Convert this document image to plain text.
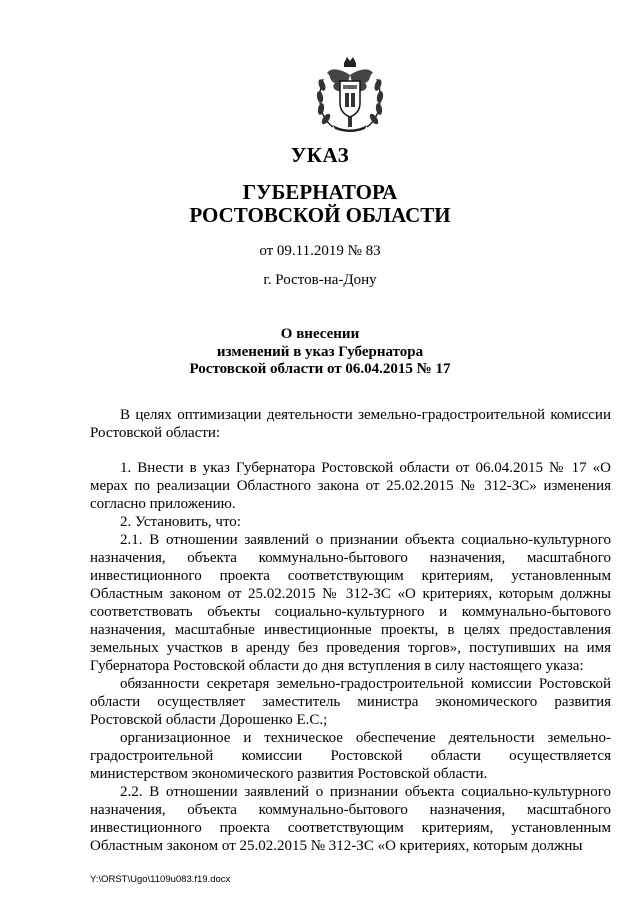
УКАЗ
ГУБЕРНАТОРА
РОСТОВСКОЙ ОБЛАСТИ
от 09.11.2019 № 83
г. Ростов-на-Дону
О внесении
изменений в указ Губернатора
Ростовской области от 06.04.2015 № 17

В целях оптимизации деятельности земельно-градостроительной комиссии Ростовской области:

1. Внести в указ Губернатора Ростовской области от 06.04.2015 № 17 «О мерах по реализации Областного закона от 25.02.2015 № 312-ЗС» изменения согласно приложению.

2. Установить, что:

2.1. В отношении заявлений о признании объекта социально-культурного назначения, объекта коммунально-бытового назначения, масштабного инвестиционного проекта соответствующим критериям, установленным Областным законом от 25.02.2015 № 312-ЗС «О критериях, которым должны соответствовать объекты социально-культурного и коммунально-бытового назначения, масштабные инвестиционные проекты, в целях предоставления земельных участков в аренду без проведения торгов», поступивших на имя Губернатора Ростовской области до дня вступления в силу настоящего указа:

обязанности секретаря земельно-градостроительной комиссии Ростовской области осуществляет заместитель министра экономического развития Ростовской области Дорошенко Е.С.;

организационное и техническое обеспечение деятельности земельно-градостроительной комиссии Ростовской области осуществляется министерством экономического развития Ростовской области.

2.2. В отношении заявлений о признании объекта социально-культурного назначения, объекта коммунально-бытового назначения, масштабного инвестиционного проекта соответствующим критериям, установленным Областным законом от 25.02.2015 № 312-ЗС «О критериях, которым должны

Y:\ORST\Ugo\1109u083.f19.docx
